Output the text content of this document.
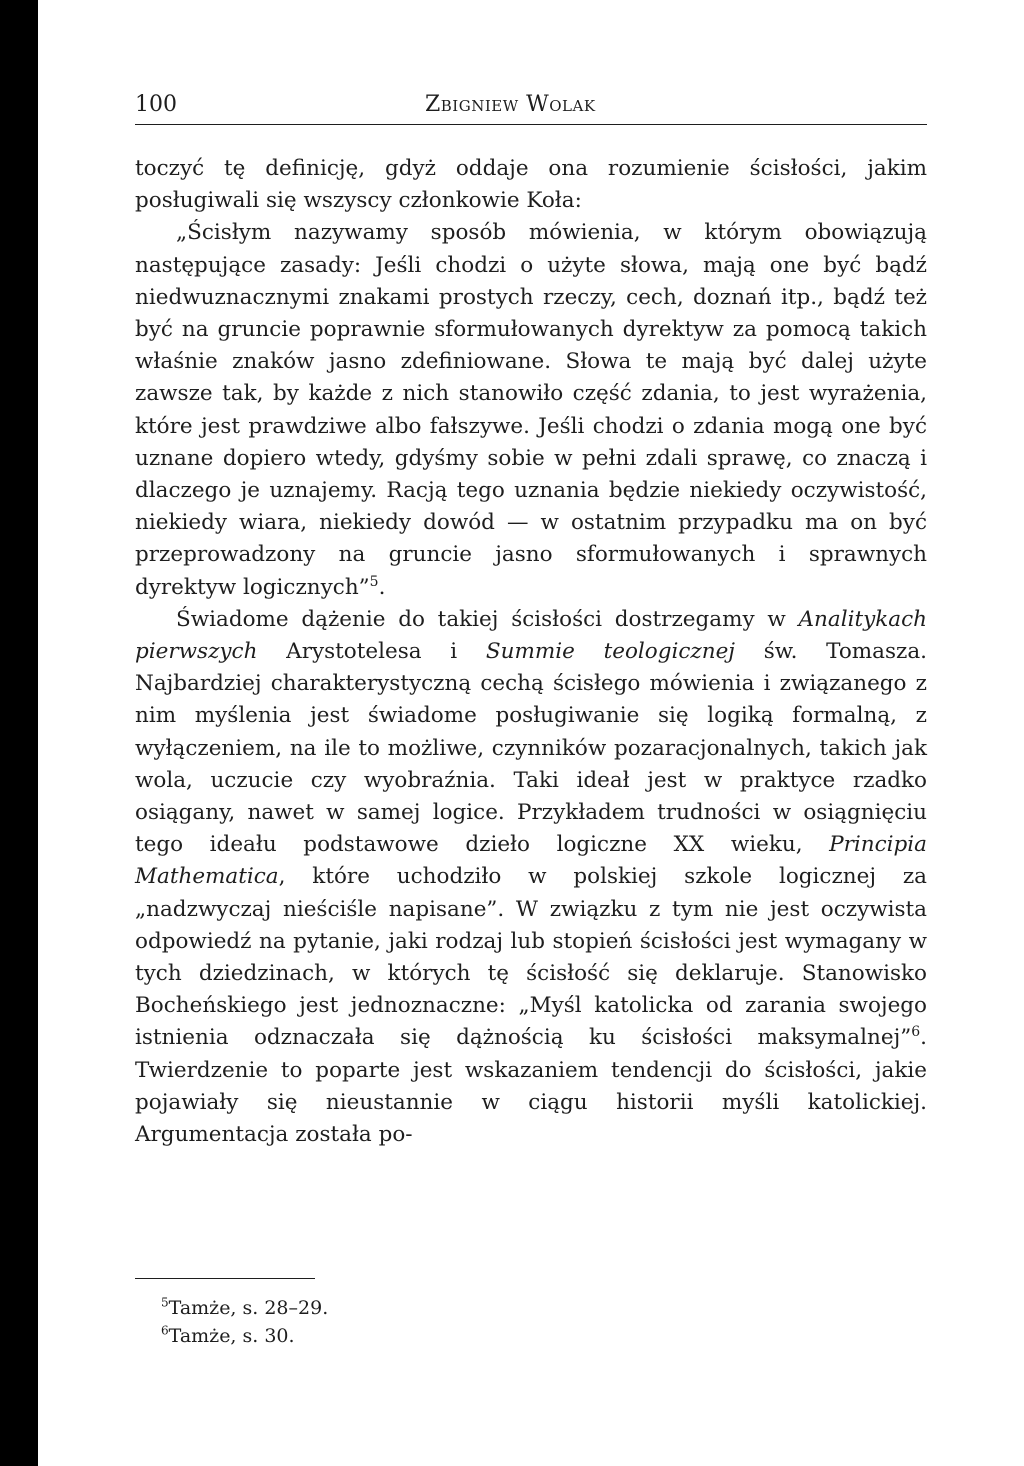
100	Zbigniew Wolak

toczyć tę definicję, gdyż oddaje ona rozumienie ścisłości, jakim posługiwali się wszyscy członkowie Koła:

„Ścisłym nazywamy sposób mówienia, w którym obowiązują następujące zasady: Jeśli chodzi o użyte słowa, mają one być bądź niedwuznacznymi znakami prostych rzeczy, cech, doznań itp., bądź też być na gruncie poprawnie sformułowanych dyrektyw za pomocą takich właśnie znaków jasno zdefiniowane. Słowa te mają być dalej użyte zawsze tak, by każde z nich stanowiło część zdania, to jest wyrażenia, które jest prawdziwe albo fałszywe. Jeśli chodzi o zdania mogą one być uznane dopiero wtedy, gdyśmy sobie w pełni zdali sprawę, co znaczą i dlaczego je uznajemy. Racją tego uznania będzie niekiedy oczywistość, niekiedy wiara, niekiedy dowód — w ostatnim przypadku ma on być przeprowadzony na gruncie jasno sformułowanych i sprawnych dyrektyw logicznych”$^5$.

Świadome dążenie do takiej ścisłości dostrzegamy w Analitykach pierwszych Arystotelesa i Summie teologicznej św. Tomasza. Najbardziej charakterystyczną cechą ścisłego mówienia i związanego z nim myślenia jest świadome posługiwanie się logiką formalną, z wyłączeniem, na ile to możliwe, czynników pozaracjonalnych, takich jak wola, uczucie czy wyobraźnia. Taki ideał jest w praktyce rzadko osiągany, nawet w samej logice. Przykładem trudności w osiągnięciu tego ideału podstawowe dzieło logiczne XX wieku, Principia Mathematica, które uchodziło w polskiej szkole logicznej za „nadzwyczaj nieściśle napisane”. W związku z tym nie jest oczywista odpowiedź na pytanie, jaki rodzaj lub stopień ścisłości jest wymagany w tych dziedzinach, w których tę ścisłość się deklaruje. Stanowisko Bocheńskiego jest jednoznaczne: „Myśl katolicka od zarania swojego istnienia odznaczała się dążnością ku ścisłości maksymalnej”$^6$. Twierdzenie to poparte jest wskazaniem tendencji do ścisłości, jakie pojawiały się nieustannie w ciągu historii myśli katolickiej. Argumentacja została po-

$^5$Tamże, s. 28–29.
$^6$Tamże, s. 30.
